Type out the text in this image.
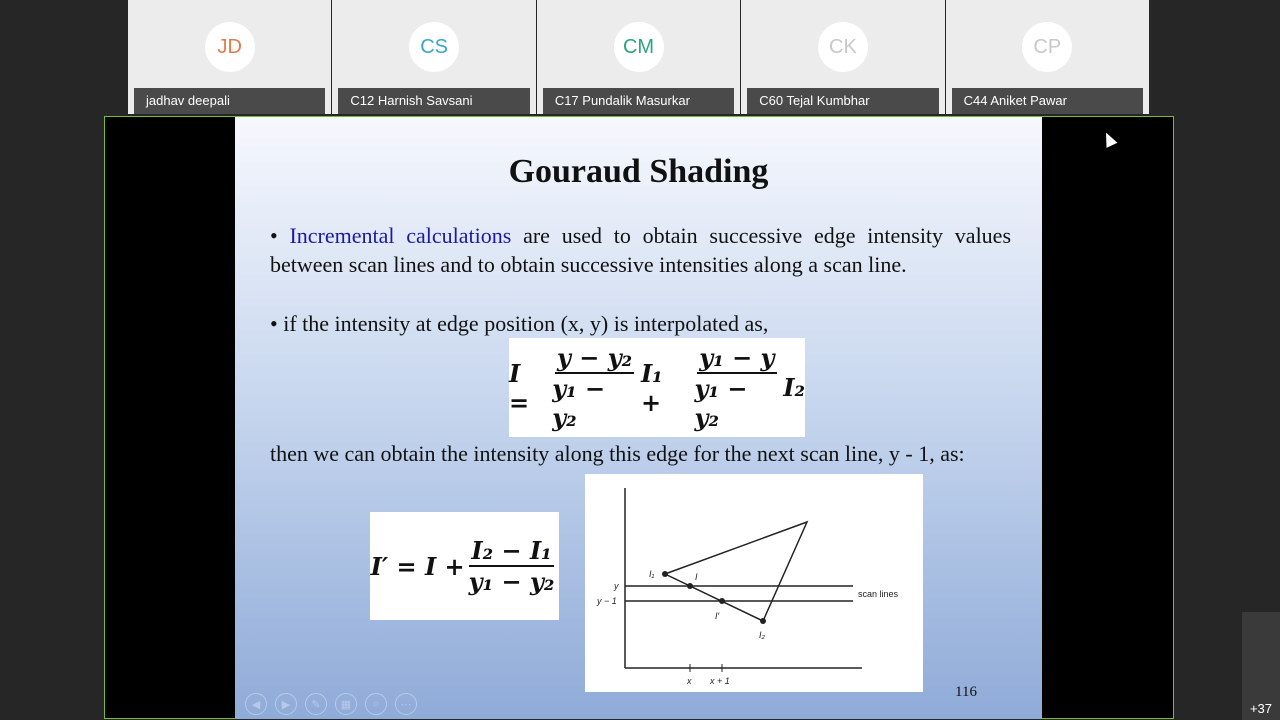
JD
jadhav deepali
CS
C12 Harnish Savsani
CM
C17 Pundalik Masurkar
CK
C60 Tejal Kumbhar
CP
C44 Aniket Pawar
Gouraud Shading
• Incremental calculations are used to obtain successive edge intensity values between scan lines and to obtain successive intensities along a scan line.
• if the intensity at edge position (x, y) is interpolated as,
$I = \frac{\text{y − y₂}}{\text{y₁ − y₂}} I_1$ +	$\frac{\text{y₁ − y}}{\text{y₁ − y₂}} I_2$
then we can obtain the intensity along this edge for the next scan line, y - 1, as:
$I' = I + \frac{\text{I₂ − I₁}}{\text{y₁ − y₂}}$	I₁	I
I′
I₂
y
y − 1
scan lines
x x + 1
116
◀	▶	✎	▦	⌕	⋯	+37
